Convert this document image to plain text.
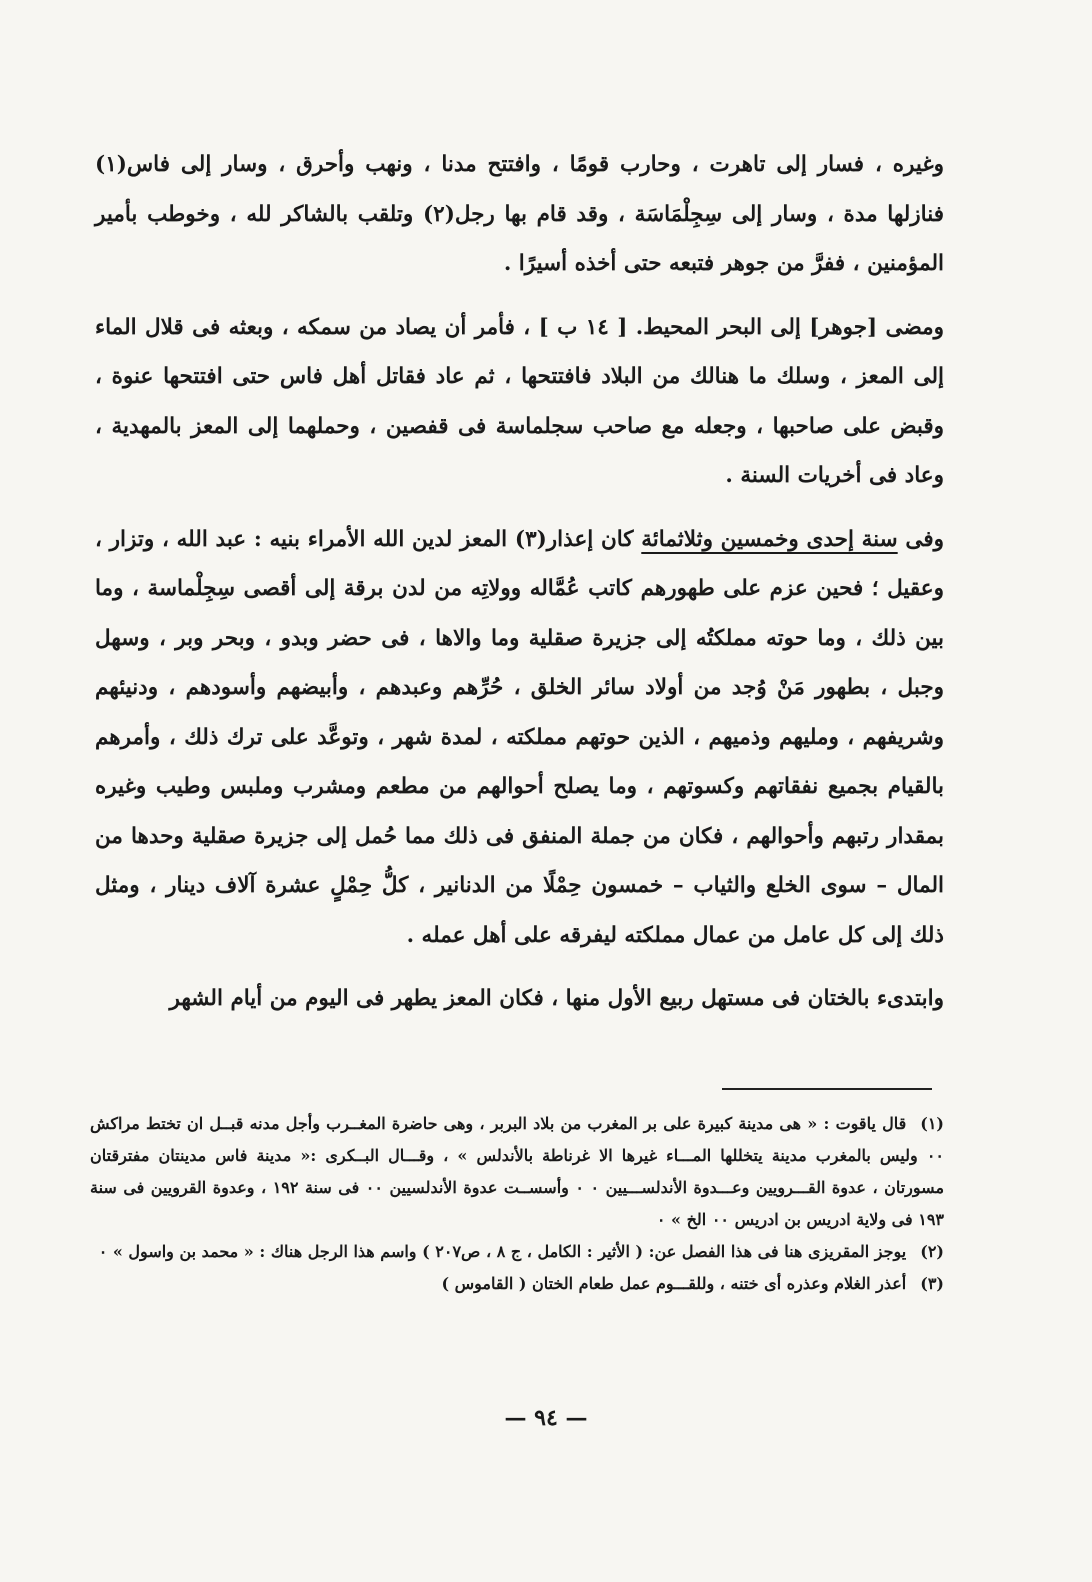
وغيره ، فسار إلى تاهرت ، وحارب قومًا ، وافتتح مدنا ، ونهب وأحرق ، وسار إلى فاس(١) فنازلها مدة ، وسار إلى سِجِلْمَاسَة ، وقد قام بها رجل(٢) وتلقب بالشاكر لله ، وخوطب بأمير المؤمنين ، ففرَّ من جوهر فتبعه حتى أخذه أسيرًا .

ومضى [جوهر] إلى البحر المحيط. [ ١٤ ب ] ، فأمر أن يصاد من سمكه ، وبعثه فى قلال الماء إلى المعز ، وسلك ما هنالك من البلاد فافتتحها ، ثم عاد فقاتل أهل فاس حتى افتتحها عنوة ، وقبض على صاحبها ، وجعله مع صاحب سجلماسة فى قفصين ، وحملهما إلى المعز بالمهدية ، وعاد فى أخريات السنة .

وفى سنة إحدى وخمسين وثلاثمائة كان إعذار(٣) المعز لدين الله الأمراء بنيه : عبد الله ، وتزار ، وعقيل ؛ فحين عزم على طهورهم كاتب عُمَّاله وولاتِه من لدن برقة إلى أقصى سِجِلْماسة ، وما بين ذلك ، وما حوته مملكتُه إلى جزيرة صقلية وما والاها ، فى حضر وبدو ، وبحر وبر ، وسهل وجبل ، بطهور مَنْ وُجد من أولاد سائر الخلق ، حُرِّهم وعبدهم ، وأبيضهم وأسودهم ، ودنيئهم وشريفهم ، ومليهم وذميهم ، الذين حوتهم مملكته ، لمدة شهر ، وتوعَّد على ترك ذلك ، وأمرهم بالقيام بجميع نفقاتهم وكسوتهم ، وما يصلح أحوالهم من مطعم ومشرب وملبس وطيب وغيره بمقدار رتبهم وأحوالهم ، فكان من جملة المنفق فى ذلك مما حُمل إلى جزيرة صقلية وحدها من المال – سوى الخلع والثياب – خمسون حِمْلًا من الدنانير ، كلُّ حِمْلٍ عشرة آلاف دينار ، ومثل ذلك إلى كل عامل من عمال مملكته ليفرقه على أهل عمله .

وابتدىء بالختان فى مستهل ربيع الأول منها ، فكان المعز يطهر فى اليوم من أيام الشهر

(١)قال ياقوت : « هى مدينة كبيرة على بر المغرب من بلاد البربر ، وهى حاضرة المغــرب وأجل مدنه قبــل ان تختط مراكش ٠٠ وليس بالمغرب مدينة يتخللها المـــاء غيرها الا غرناطة بالأندلس » ، وقـــال البــكرى :« مدينة فاس مدينتان مفترقتان مسورتان ، عدوة القـــرويين وعـــدوة الأندلســـيين ٠ ٠ وأسســت عدوة الأندلسيين ٠٠ فى سنة ١٩٢ ، وعدوة القرويين فى سنة ١٩٣ فى ولاية ادريس بن ادريس ٠٠ الخ » ٠

(٢)يوجز المقريزى هنا فى هذا الفصل عن: ( الأثير : الكامل ، ج ٨ ، ص٢٠٧ ) واسم هذا الرجل هناك : « محمد بن واسول » ٠

(٣)أعذر الغلام وعذره أى ختنه ، وللقـــوم عمل طعام الختان ( القاموس )

— ٩٤ —
